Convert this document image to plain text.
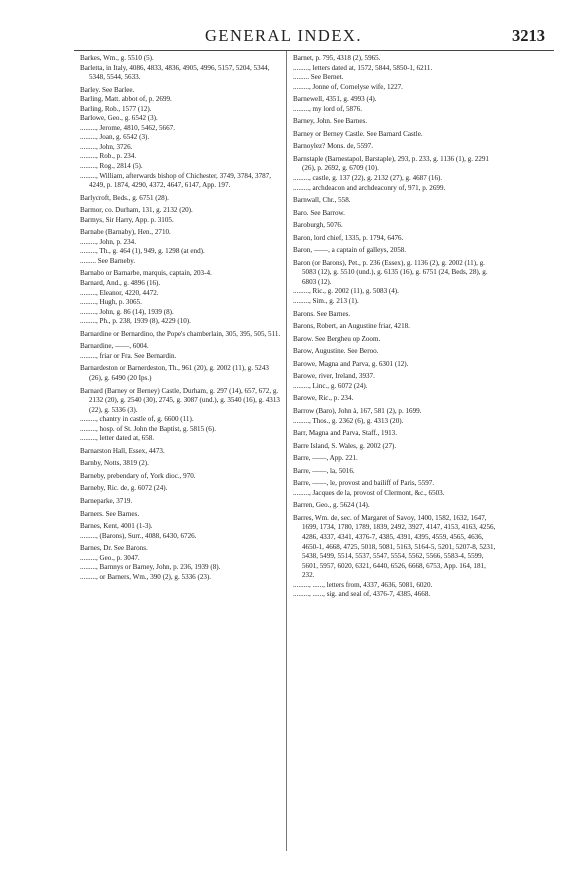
GENERAL INDEX.	3213

Barkes, Wm., g. 5510 (5).

Barletta, in Italy, 4086, 4833, 4836, 4905, 4996, 5157, 5204, 5344, 5348, 5544, 5633.

Barley. See Barlee.

Barling, Matt. abbot of, p. 2699.

Barling, Rob., 1577 (12).

Barlowe, Geo., g. 6542 (3).

........., Jerome, 4810, 5462, 5667.

........., Joan, g. 6542 (3).

........., John, 3726.

........., Rob., p. 234.

........., Rog., 2814 (5).

........., William, afterwards bishop of Chichester, 3749, 3784, 3787, 4249, p. 1874, 4290, 4372, 4647, 6147, App. 197.

Barlycroft, Beds., g. 6751 (28).

Barmor, co. Durham, 131, g. 2132 (20).

Barmys, Sir Harry, App. p. 3105.

Barnabe (Barnaby), Hen., 2710.

........., John, p. 234.

........., Th., g. 464 (1), 949, g. 1298 (at end).

......... See Barneby.

Barnabo or Barnarbe, marquis, captain, 203-4.

Barnard, And., g. 4896 (16).

........., Eleanor, 4220, 4472.

........., Hugh, p. 3065.

........., John, g. 86 (14), 1939 (8).

........., Ph., p. 238, 1939 (8), 4229 (10).

Barnardine or Bernardino, the Pope's chamberlain, 305, 395, 505, 511.

Barnardine, ——, 6004.

........., friar or Fra. See Bernardin.

Barnardeston or Barnerdeston, Th., 961 (20), g. 2002 (11), g. 5243 (26), g. 6490 (20 Ips.)

Barnard (Barney or Berney) Castle, Durham, g. 297 (14), 657, 672, g. 2132 (20), g. 2540 (30), 2745, g. 3087 (und.), g. 3540 (16), g. 4313 (22), g. 5336 (3).

........., chantry in castle of, g. 6600 (11).

........., hosp. of St. John the Baptist, g. 5815 (6).

........., letter dated at, 658.

Barnarston Hall, Essex, 4473.

Barnby, Notts, 3819 (2).

Barneby, prebendary of, York dioc., 970.

Barneby, Ric. de, g. 6072 (24).

Barneparke, 3719.

Barners. See Barnes.

Barnes, Kent, 4001 (1-3).

........., (Barons), Surr., 4088, 6430, 6726.

Barnes, Dr. See Barons.

........., Geo., p. 3047.

........., Barnnys or Barney, John, p. 236, 1939 (8).

........., or Barners, Wm., 390 (2), g. 5336 (23).

Barnet, p. 795, 4318 (2), 5965.

........., letters dated at, 1572, 5844, 5850-1, 6211.

......... See Bernet.

........., Jonne of, Cornelyse wife, 1227.

Barnewell, 4351, g. 4993 (4).

........., my lord of, 5876.

Barney, John. See Barnes.

Barney or Berney Castle. See Barnard Castle.

Barnoylez? Mons. de, 5597.

Barnstaple (Barnestapol, Barstaple), 293, p. 233, g. 1136 (1), g. 2291 (26), p. 2692, g. 6709 (10).

........., castle, g. 137 (22), g. 2132 (27), g. 4687 (16).

........., archdeacon and archdeaconry of, 971, p. 2699.

Barnwall, Chr., 558.

Baro. See Barrow.

Baroburgh, 5076.

Baron, lord chief, 1335, p. 1794, 6476.

Baron, ——, a captain of galleys, 2058.

Baron (or Barons), Pet., p. 236 (Essex), g. 1136 (2), g. 2002 (11), g. 5083 (12), g. 5510 (und.), g. 6135 (16), g. 6751 (24, Beds, 28), g. 6803 (12).

........., Ric., g. 2002 (11), g. 5083 (4).

........., Sim., g. 213 (1).

Barons. See Barnes.

Barons, Robert, an Augustine friar, 4218.

Barow. See Bergheu op Zoom.

Barow, Augustine. See Beroo.

Barowe, Magna and Parva, g. 6301 (12).

Barowe, river, Ireland, 3937.

........., Linc., g. 6072 (24).

Barowe, Ric., p. 234.

Barrow (Baro), John à, 167, 581 (2), p. 1699.

........., Thos., g. 2362 (6), g. 4313 (20).

Barr, Magna and Parva, Staff., 1913.

Barre Island, S. Wales, g. 2002 (27).

Barre, ——, App. 221.

Barre, ——, la, 5016.

Barre, ——, le, provost and bailiff of Paris, 5597.

........., Jacques de la, provost of Clermont, &c., 6503.

Barren, Geo., g. 5624 (14).

Barres, Wm. de, sec. of Margaret of Savoy, 1400, 1582, 1632, 1647, 1699, 1734, 1780, 1789, 1839, 2492, 3927, 4147, 4153, 4163, 4256, 4286, 4337, 4341, 4376-7, 4385, 4391, 4395, 4559, 4565, 4636, 4650-1, 4668, 4725, 5018, 5081, 5163, 5164-5, 5201, 5207-8, 5231, 5438, 5499, 5514, 5537, 5547, 5554, 5562, 5566, 5583-4, 5599, 5601, 5957, 6020, 6321, 6440, 6526, 6668, 6753, App. 164, 181, 232.

........., ......, letters from, 4337, 4636, 5081, 6020.

........., ......, sig. and seal of, 4376-7, 4385, 4668.
